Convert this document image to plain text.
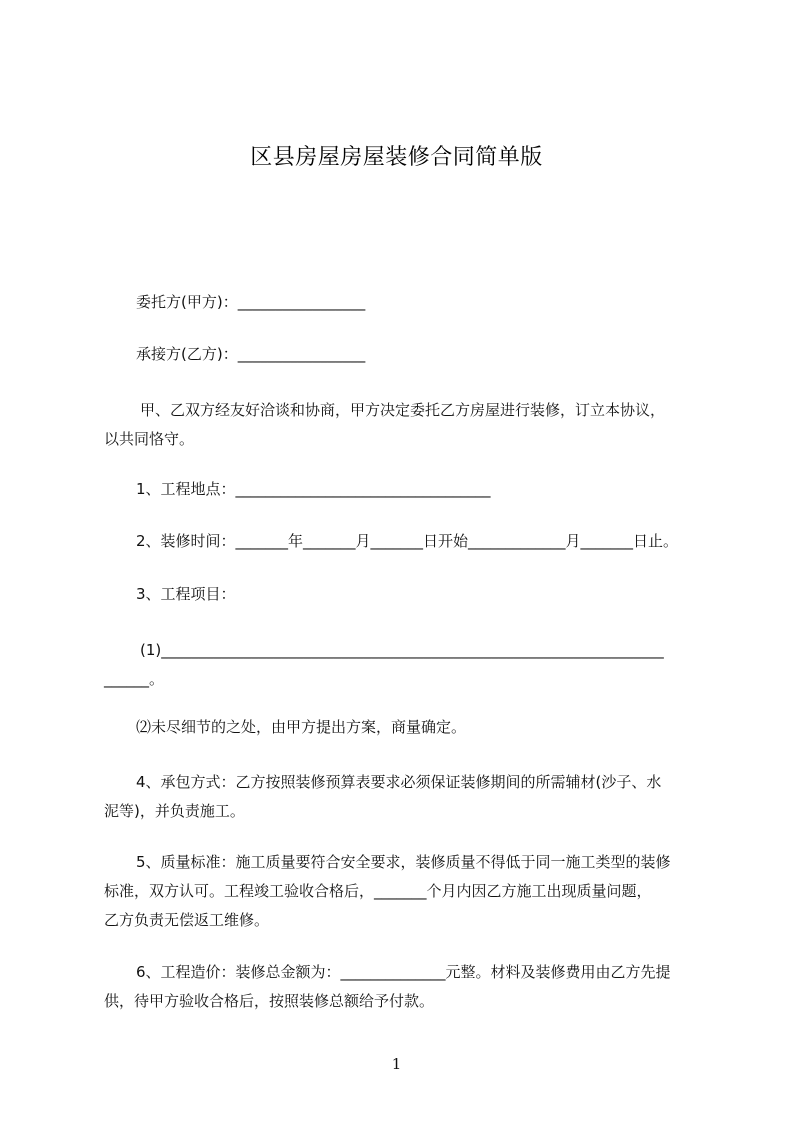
区县房屋房屋装修合同简单版
委托方(甲方)：_________________
承接方(乙方)：_________________
甲、乙双方经友好洽谈和协商，甲方决定委托乙方房屋进行装修，订立本协议，
以共同恪守。
1、工程地点：__________________________________
2、装修时间：_______年_______月_______日开始_____________月_______日止。
3、工程项目：
(1)___________________________________________________________________
______。
⑵未尽细节的之处，由甲方提出方案，商量确定。
4、承包方式：乙方按照装修预算表要求必须保证装修期间的所需辅材(沙子、水
泥等)，并负责施工。
5、质量标准：施工质量要符合安全要求，装修质量不得低于同一施工类型的装修
标准，双方认可。工程竣工验收合格后，_______个月内因乙方施工出现质量问题，
乙方负责无偿返工维修。
6、工程造价：装修总金额为：______________元整。材料及装修费用由乙方先提
供，待甲方验收合格后，按照装修总额给予付款。
1
